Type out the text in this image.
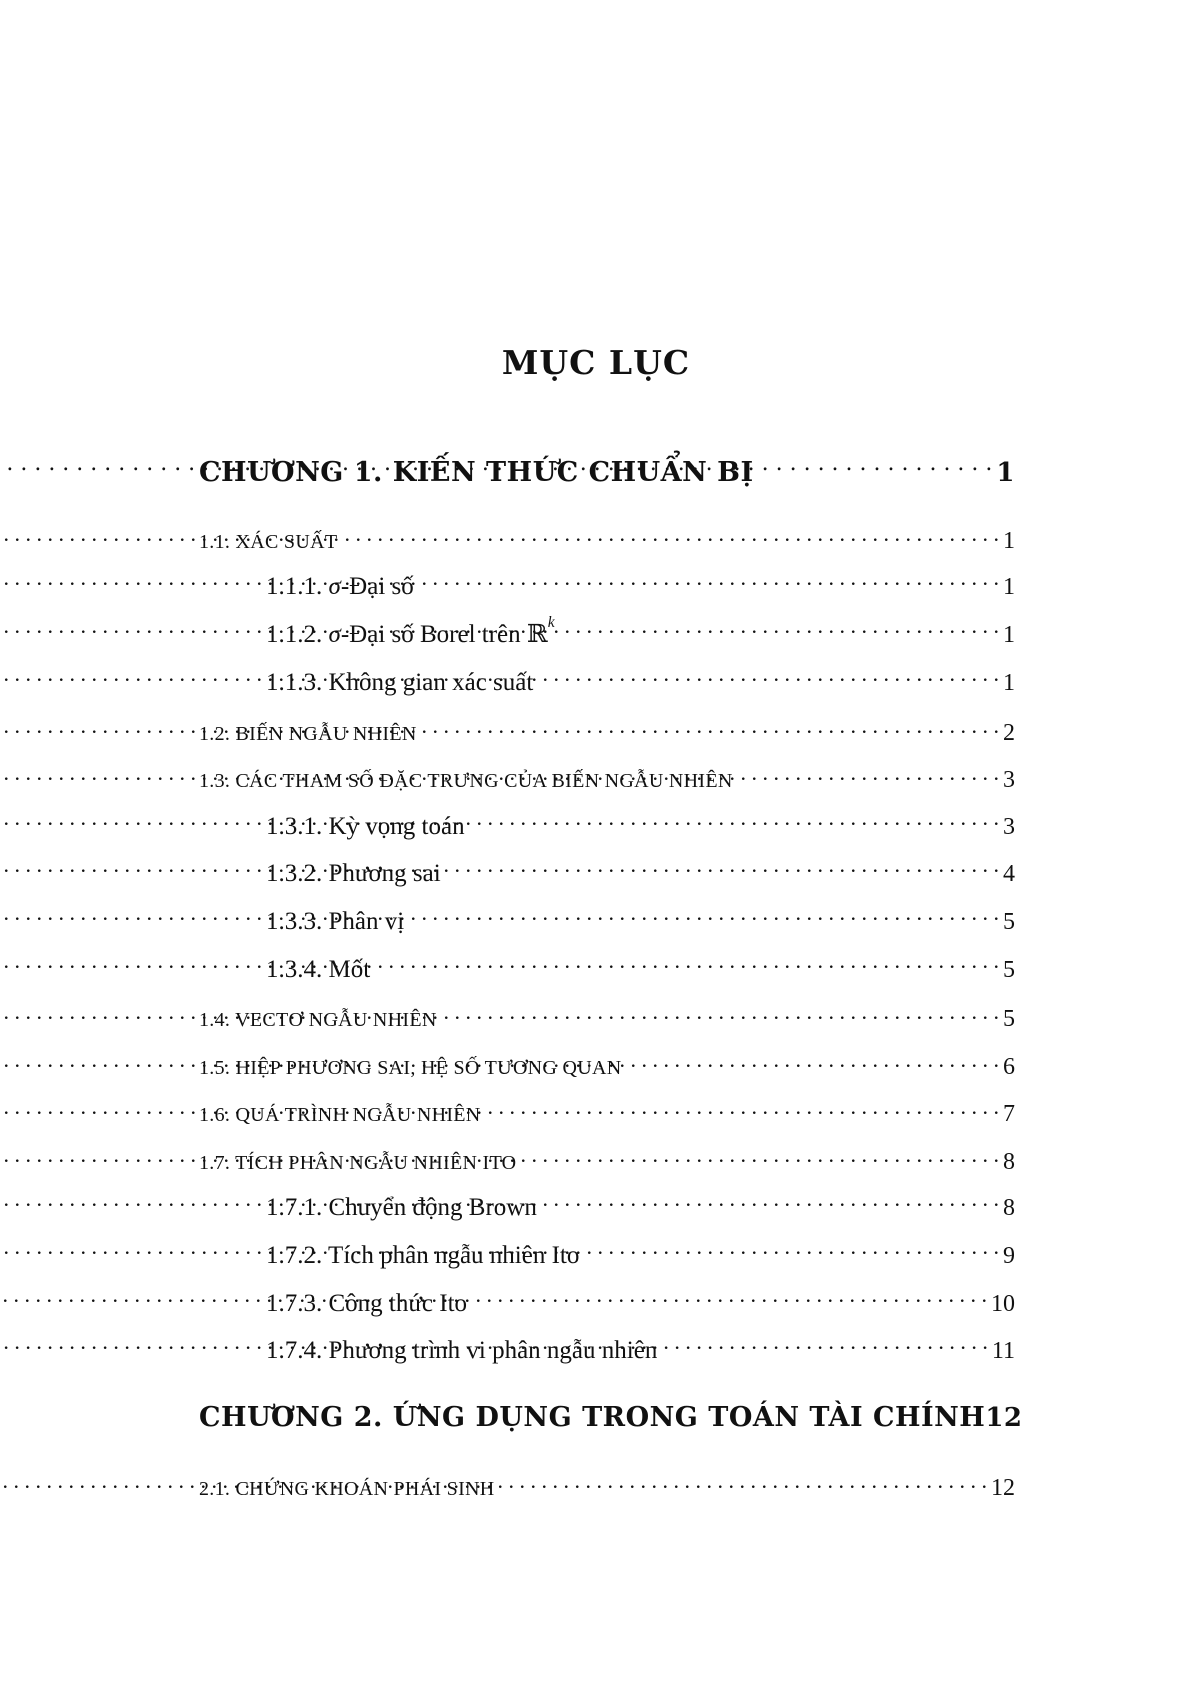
MỤC LỤC
CHƯƠNG 1. KIẾN THỨC CHUẨN BỊ . . .	1
1.1. XÁC SUẤT . . .	1
1.1.1. σ-Đại số . . .	1
1.1.2. σ-Đại số Borel trên ℝ$^k$ . . .	1
1.1.3. Không gian xác suất . . .	1
1.2. BIẾN NGẪU NHIÊN . . .	2
1.3. CÁC THAM SỐ ĐẶC TRƯNG CỦA BIẾN NGẪU NHIÊN . . .	3
1.3.1. Kỳ vọng toán . . .	3
1.3.2. Phương sai . . .	4
1.3.3. Phân vị . . .	5
1.3.4. Mốt . . .	5
1.4. VECTƠ NGẪU NHIÊN . . .	5
1.5. HIỆP PHƯƠNG SAI, HỆ SỐ TƯƠNG QUAN . . .	6
1.6. QUÁ TRÌNH NGẪU NHIÊN . . .	7
1.7. TÍCH PHÂN NGẪU NHIÊN ITO . . .	8
1.7.1. Chuyển động Brown . . .	8
1.7.2. Tích phân ngẫu nhiên Ito . . .	9
1.7.3. Công thức Ito . . .	10
1.7.4. Phương trình vi phân ngẫu nhiên . . .	11
CHƯƠNG 2. ỨNG DỤNG TRONG TOÁN TÀI CHÍNH 12
2.1. CHỨNG KHOÁN PHÁI SINH . . .	12
